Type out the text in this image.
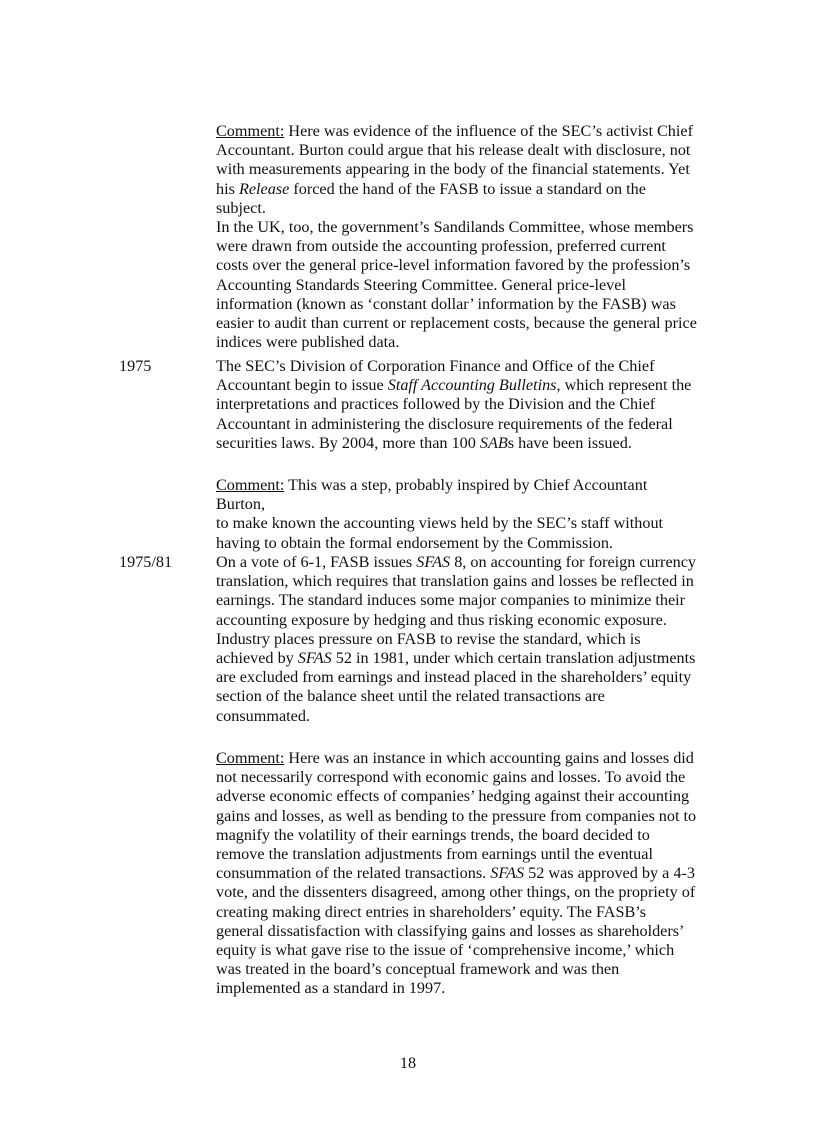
Comment: Here was evidence of the influence of the SEC’s activist Chief
Accountant. Burton could argue that his release dealt with disclosure, not
with measurements appearing in the body of the financial statements. Yet
his Release forced the hand of the FASB to issue a standard on the subject.
In the UK, too, the government’s Sandilands Committee, whose members
were drawn from outside the accounting profession, preferred current
costs over the general price-level information favored by the profession’s
Accounting Standards Steering Committee. General price-level
information (known as ‘constant dollar’ information by the FASB) was
easier to audit than current or replacement costs, because the general price
indices were published data.
1975	The SEC’s Division of Corporation Finance and Office of the Chief
Accountant begin to issue Staff Accounting Bulletins, which represent the
interpretations and practices followed by the Division and the Chief
Accountant in administering the disclosure requirements of the federal
securities laws. By 2004, more than 100 SABs have been issued.
Comment: This was a step, probably inspired by Chief Accountant Burton,
to make known the accounting views held by the SEC’s staff without
having to obtain the formal endorsement by the Commission.
1975/81	On a vote of 6-1, FASB issues SFAS 8, on accounting for foreign currency
translation, which requires that translation gains and losses be reflected in
earnings. The standard induces some major companies to minimize their
accounting exposure by hedging and thus risking economic exposure.
Industry places pressure on FASB to revise the standard, which is
achieved by SFAS 52 in 1981, under which certain translation adjustments
are excluded from earnings and instead placed in the shareholders’ equity
section of the balance sheet until the related transactions are
consummated.
Comment: Here was an instance in which accounting gains and losses did
not necessarily correspond with economic gains and losses. To avoid the
adverse economic effects of companies’ hedging against their accounting
gains and losses, as well as bending to the pressure from companies not to
magnify the volatility of their earnings trends, the board decided to
remove the translation adjustments from earnings until the eventual
consummation of the related transactions. SFAS 52 was approved by a 4-3
vote, and the dissenters disagreed, among other things, on the propriety of
creating making direct entries in shareholders’ equity. The FASB’s
general dissatisfaction with classifying gains and losses as shareholders’
equity is what gave rise to the issue of ‘comprehensive income,’ which
was treated in the board’s conceptual framework and was then
implemented as a standard in 1997.
18
